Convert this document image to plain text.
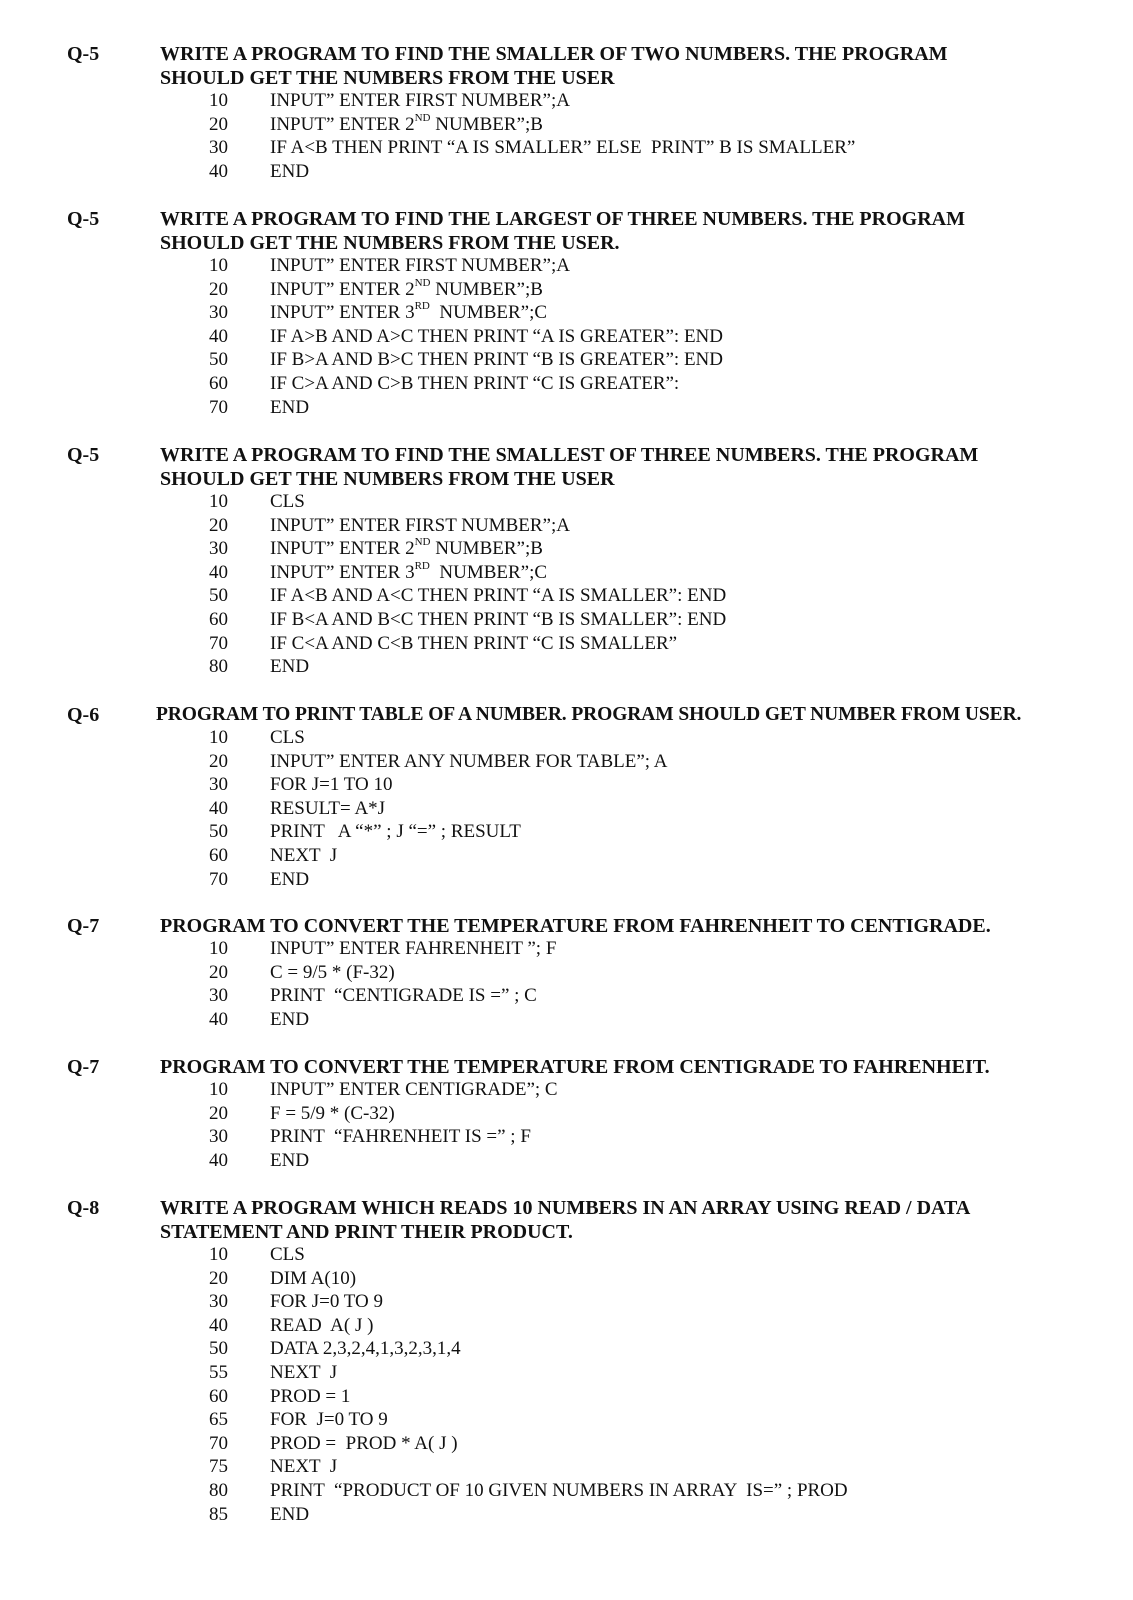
Q-5	WRITE A PROGRAM TO FIND THE SMALLER OF TWO NUMBERS. THE PROGRAM
SHOULD GET THE NUMBERS FROM THE USER
10 INPUT” ENTER FIRST NUMBER”;A
20 INPUT” ENTER 2ND NUMBER”;B
30 IF A<B THEN PRINT “A IS SMALLER” ELSE  PRINT” B IS SMALLER”
40 END
Q-5	WRITE A PROGRAM TO FIND THE LARGEST OF THREE NUMBERS. THE PROGRAM
SHOULD GET THE NUMBERS FROM THE USER.
10 INPUT” ENTER FIRST NUMBER”;A
20 INPUT” ENTER 2ND NUMBER”;B
30 INPUT” ENTER 3RD  NUMBER”;C
40 IF A>B AND A>C THEN PRINT “A IS GREATER”: END
50 IF B>A AND B>C THEN PRINT “B IS GREATER”: END
60 IF C>A AND C>B THEN PRINT “C IS GREATER”:
70 END
Q-5	WRITE A PROGRAM TO FIND THE SMALLEST OF THREE NUMBERS. THE PROGRAM
SHOULD GET THE NUMBERS FROM THE USER
10 CLS
20 INPUT” ENTER FIRST NUMBER”;A
30 INPUT” ENTER 2ND NUMBER”;B
40 INPUT” ENTER 3RD  NUMBER”;C
50 IF A<B AND A<C THEN PRINT “A IS SMALLER”: END
60 IF B<A AND B<C THEN PRINT “B IS SMALLER”: END
70 IF C<A AND C<B THEN PRINT “C IS SMALLER”
80 END
Q-6	PROGRAM TO PRINT TABLE OF A NUMBER. PROGRAM SHOULD GET NUMBER FROM USER.
10 CLS
20 INPUT” ENTER ANY NUMBER FOR TABLE”; A
30 FOR J=1 TO 10
40 RESULT= A*J
50 PRINT   A “*” ; J “=” ; RESULT
60 NEXT  J
70 END
Q-7	PROGRAM TO CONVERT THE TEMPERATURE FROM FAHRENHEIT TO CENTIGRADE.
10 INPUT” ENTER FAHRENHEIT ”; F
20 C = 9/5 * (F-32)
30 PRINT  “CENTIGRADE IS =” ; C
40 END
Q-7	PROGRAM TO CONVERT THE TEMPERATURE FROM CENTIGRADE TO FAHRENHEIT.
10 INPUT” ENTER CENTIGRADE”; C
20 F = 5/9 * (C-32)
30 PRINT  “FAHRENHEIT IS =” ; F
40 END
Q-8	WRITE A PROGRAM WHICH READS 10 NUMBERS IN AN ARRAY USING READ / DATA
STATEMENT AND PRINT THEIR PRODUCT.
10 CLS
20 DIM A(10)
30 FOR J=0 TO 9
40 READ  A( J )
50 DATA 2,3,2,4,1,3,2,3,1,4
55 NEXT  J
60 PROD = 1
65 FOR  J=0 TO 9
70 PROD =  PROD * A( J )
75 NEXT  J
80 PRINT  “PRODUCT OF 10 GIVEN NUMBERS IN ARRAY  IS=” ; PROD
85 END
